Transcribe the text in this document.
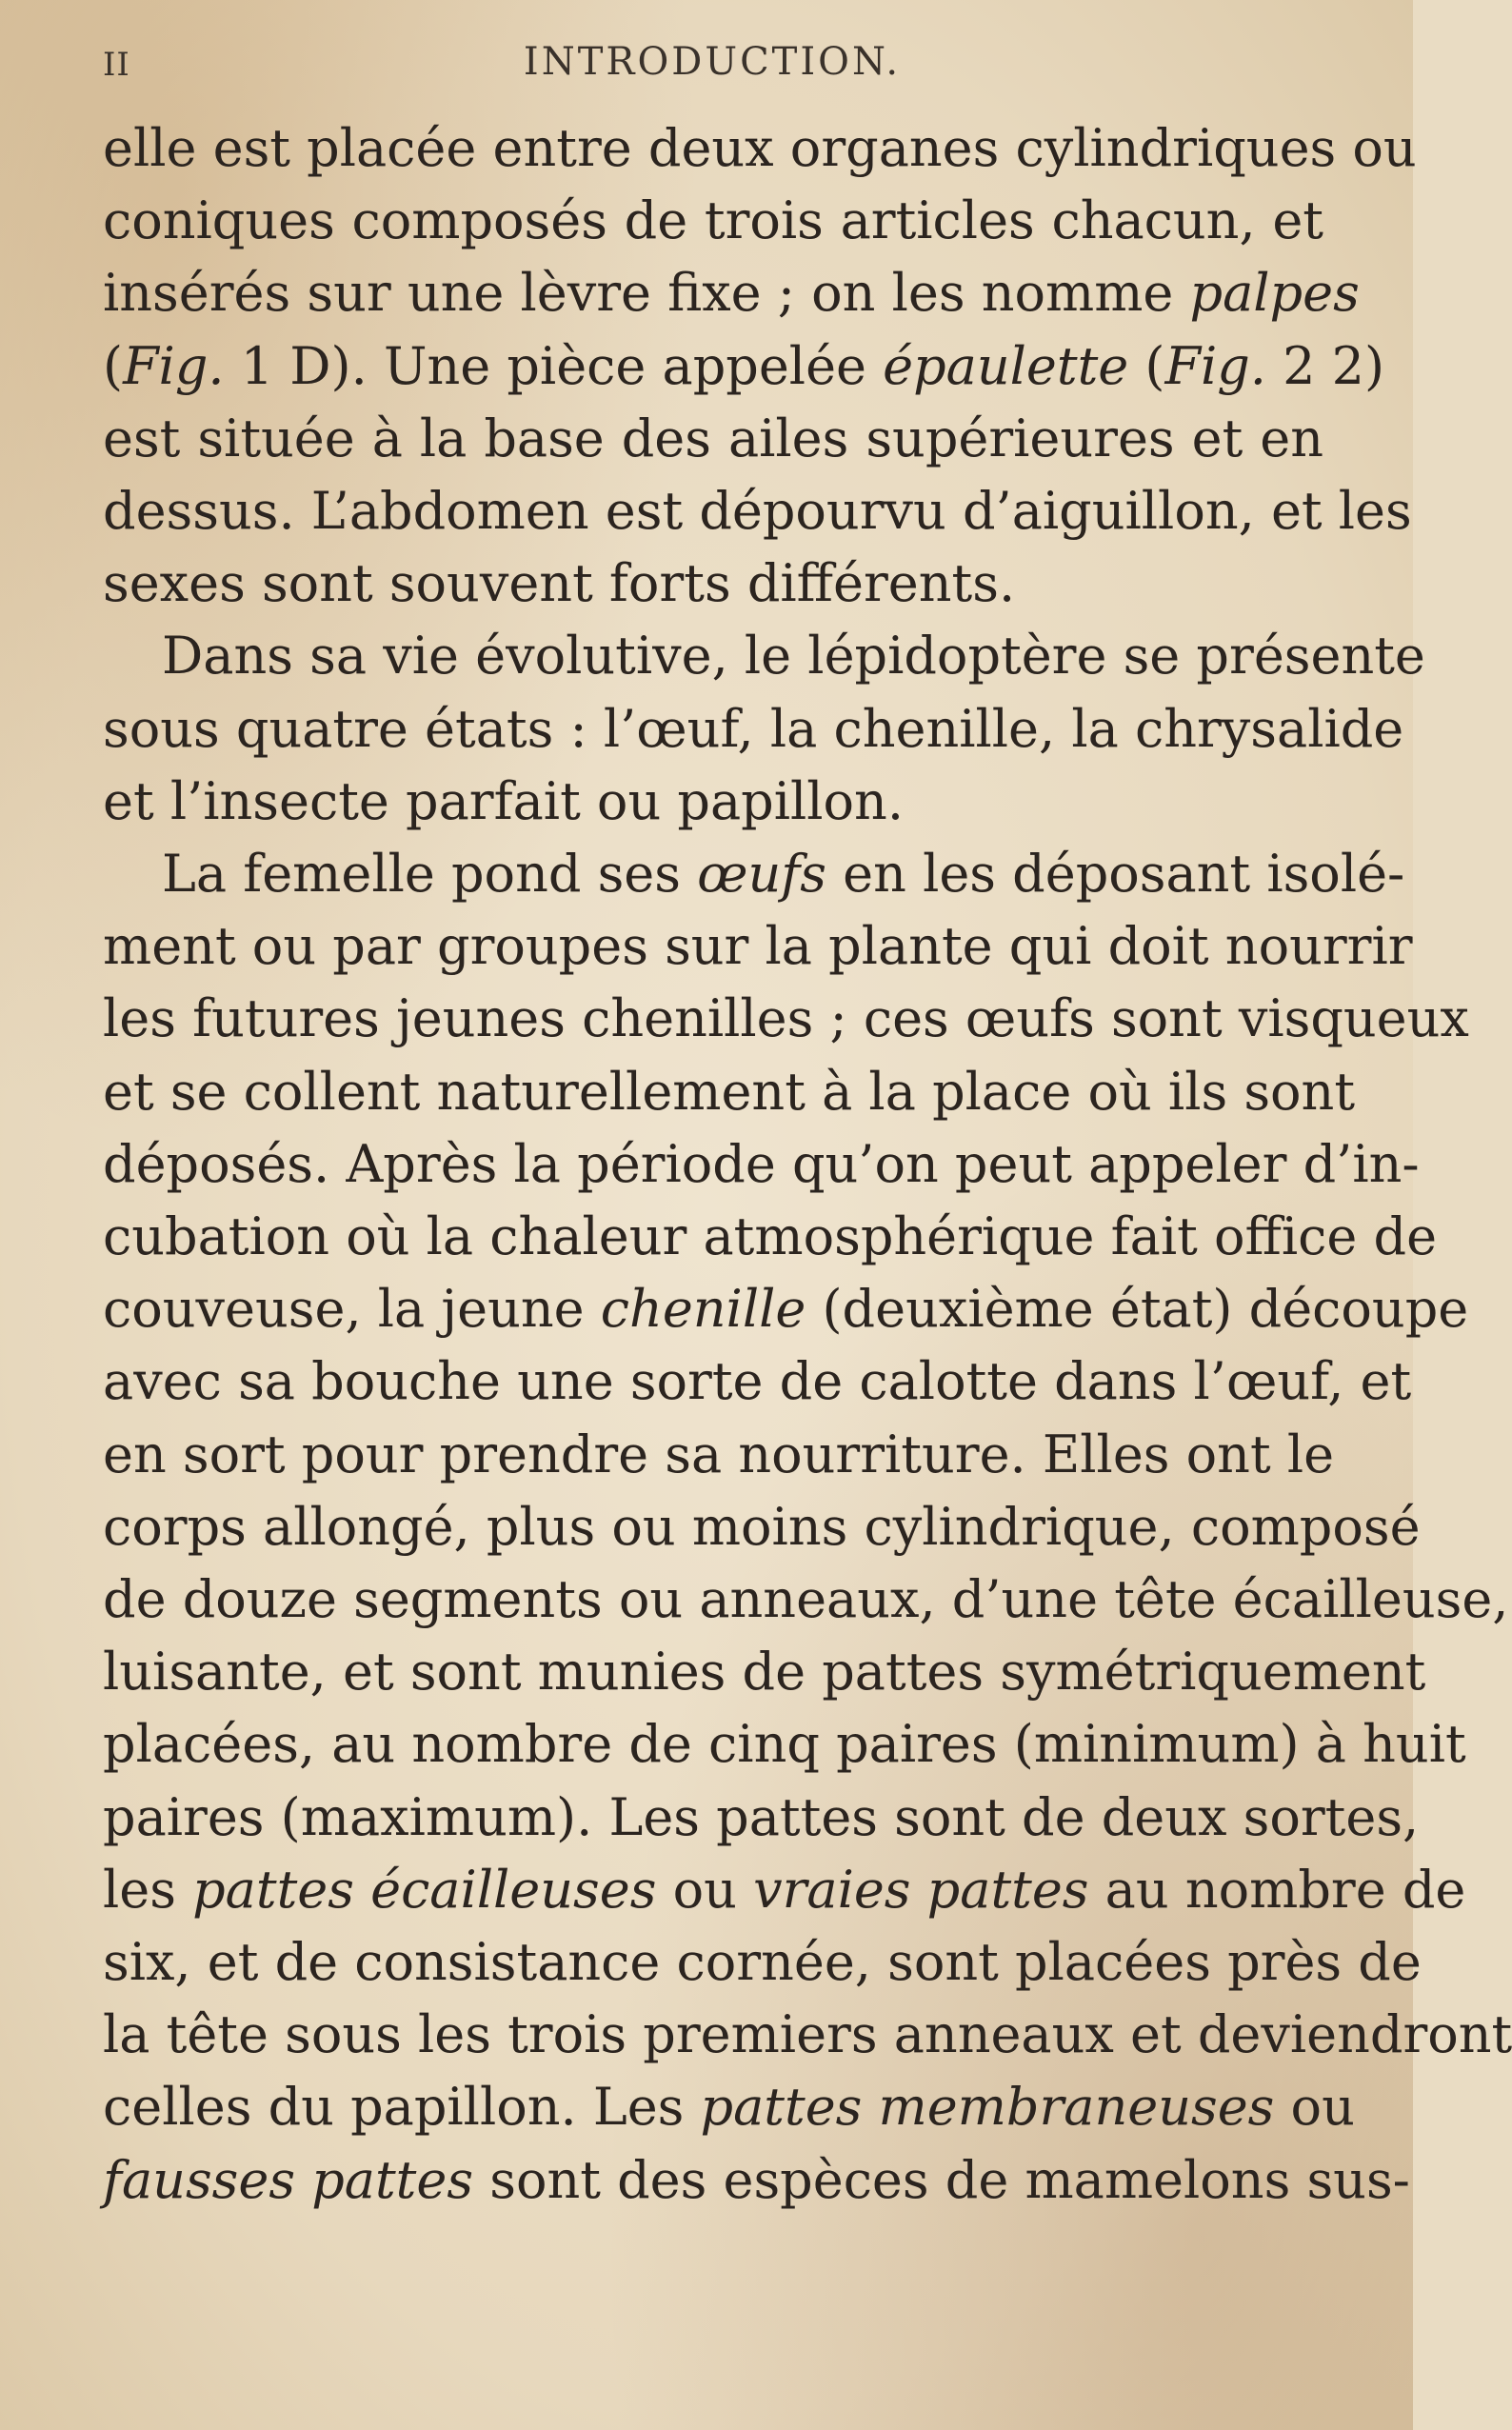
II	INTRODUCTION.
elle est placée entre deux organes cylindriques ou
coniques composés de trois articles chacun, et
insérés sur une lèvre fixe ; on les nomme palpes
(Fig. 1 D). Une pièce appelée épaulette (Fig. 2 2)
est située à la base des ailes supérieures et en
dessus. L’abdomen est dépourvu d’aiguillon, et les
sexes sont souvent forts différents.
Dans sa vie évolutive, le lépidoptère se présente
sous quatre états : l’œuf, la chenille, la chrysalide
et l’insecte parfait ou papillon.
La femelle pond ses œufs en les déposant isolé-
ment ou par groupes sur la plante qui doit nourrir
les futures jeunes chenilles ; ces œufs sont visqueux
et se collent naturellement à la place où ils sont
déposés. Après la période qu’on peut appeler d’in-
cubation où la chaleur atmosphérique fait office de
couveuse, la jeune chenille (deuxième état) découpe
avec sa bouche une sorte de calotte dans l’œuf, et
en sort pour prendre sa nourriture. Elles ont le
corps allongé, plus ou moins cylindrique, composé
de douze segments ou anneaux, d’une tête écailleuse,
luisante, et sont munies de pattes symétriquement
placées, au nombre de cinq paires (minimum) à huit
paires (maximum). Les pattes sont de deux sortes,
les pattes écailleuses ou vraies pattes au nombre de
six, et de consistance cornée, sont placées près de
la tête sous les trois premiers anneaux et deviendront
celles du papillon. Les pattes membraneuses ou
fausses pattes sont des espèces de mamelons sus-
